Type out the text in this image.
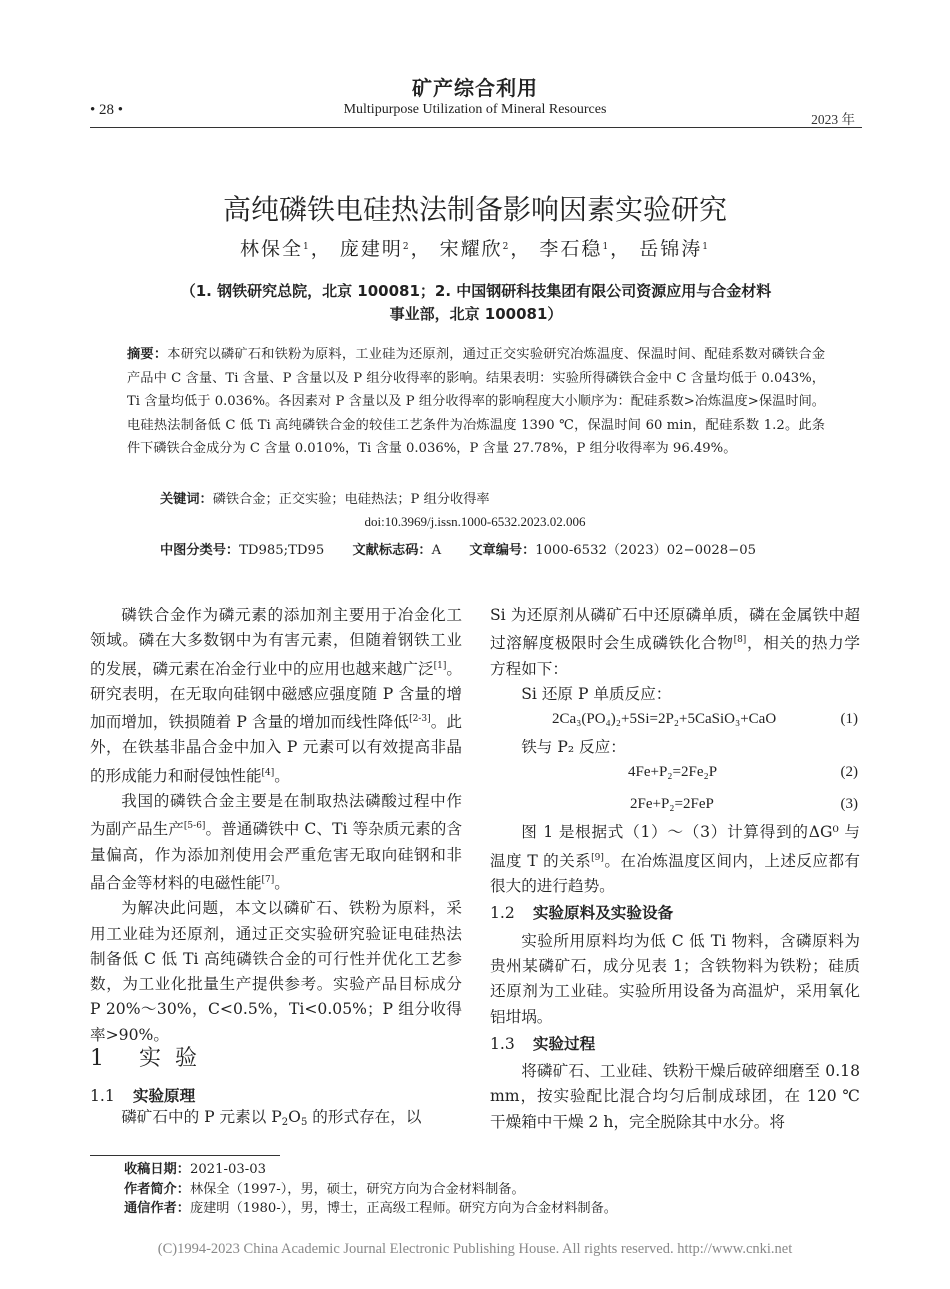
矿产综合利用
• 28 •	Multipurpose Utilization of Mineral Resources
2023 年
高纯磷铁电硅热法制备影响因素实验研究
林保全$^1$， 庞建明$^2$， 宋耀欣$^2$， 李石稳$^1$， 岳锦涛$^1$
（1. 钢铁研究总院，北京 100081；2. 中国钢研科技集团有限公司资源应用与合金材料
事业部，北京 100081）
摘要：本研究以磷矿石和铁粉为原料，工业硅为还原剂，通过正交实验研究冶炼温度、保温时间、配硅系数对磷铁合金产品中 C 含量、Ti 含量、P 含量以及 P 组分收得率的影响。结果表明：实验所得磷铁合金中 C 含量均低于 0.043%，Ti 含量均低于 0.036%。各因素对 P 含量以及 P 组分收得率的影响程度大小顺序为：配硅系数>冶炼温度>保温时间。电硅热法制备低 C 低 Ti 高纯磷铁合金的较佳工艺条件为冶炼温度 1390 ℃，保温时间 60 min，配硅系数 1.2。此条件下磷铁合金成分为 C 含量 0.010%，Ti 含量 0.036%，P 含量 27.78%，P 组分收得率为 96.49%。
关键词：磷铁合金；正交实验；电硅热法；P 组分收得率
doi:10.3969/j.issn.1000-6532.2023.02.006
中图分类号：TD985;TD95 文献标志码：A 文章编号：1000-6532（2023）02−0028−05

磷铁合金作为磷元素的添加剂主要用于冶金化工领域。磷在大多数钢中为有害元素，但随着钢铁工业的发展，磷元素在冶金行业中的应用也越来越广泛[1]。研究表明，在无取向硅钢中磁感应强度随 P 含量的增加而增加，铁损随着 P 含量的增加而线性降低[2-3]。此外，在铁基非晶合金中加入 P 元素可以有效提高非晶的形成能力和耐侵蚀性能[4]。

我国的磷铁合金主要是在制取热法磷酸过程中作为副产品生产[5-6]。普通磷铁中 C、Ti 等杂质元素的含量偏高，作为添加剂使用会严重危害无取向硅钢和非晶合金等材料的电磁性能[7]。

为解决此问题，本文以磷矿石、铁粉为原料，采用工业硅为还原剂，通过正交实验研究验证电硅热法制备低 C 低 Ti 高纯磷铁合金的可行性并优化工艺参数，为工业化批量生产提供参考。实验产品目标成分 P 20%～30%，C<0.5%，Ti<0.05%；P 组分收得率>90%。

1 实验
1.1 实验原理

磷矿石中的 P 元素以 $P_2O_5$ 的形式存在，以

Si 为还原剂从磷矿石中还原磷单质，磷在金属铁中超过溶解度极限时会生成磷铁化合物[8]，相关的热力学方程如下：

Si 还原 P 单质反应：

2Ca₃(PO₄)₂+5Si=2P₂+5CaSiO₃+CaO	(1)

铁与 P₂ 反应：

4Fe+P₂=2Fe₂P	(2)
2Fe+P₂=2FeP	(3)

图 1 是根据式（1）～（3）计算得到的ΔG⁰ 与温度 T 的关系[9]。在冶炼温度区间内，上述反应都有很大的进行趋势。

1.2 实验原料及实验设备

实验所用原料均为低 C 低 Ti 物料，含磷原料为贵州某磷矿石，成分见表 1；含铁物料为铁粉；硅质还原剂为工业硅。实验所用设备为高温炉，采用氧化铝坩埚。

1.3 实验过程

将磷矿石、工业硅、铁粉干燥后破碎细磨至 0.18 mm，按实验配比混合均匀后制成球团，在 120 ℃ 干燥箱中干燥 2 h，完全脱除其中水分。将

收稿日期：2021-03-03
作者简介：林保全（1997-），男，硕士，研究方向为合金材料制备。
通信作者：庞建明（1980-），男，博士，正高级工程师。研究方向为合金材料制备。
(C)1994-2023 China Academic Journal Electronic Publishing House. All rights reserved. http://www.cnki.net
